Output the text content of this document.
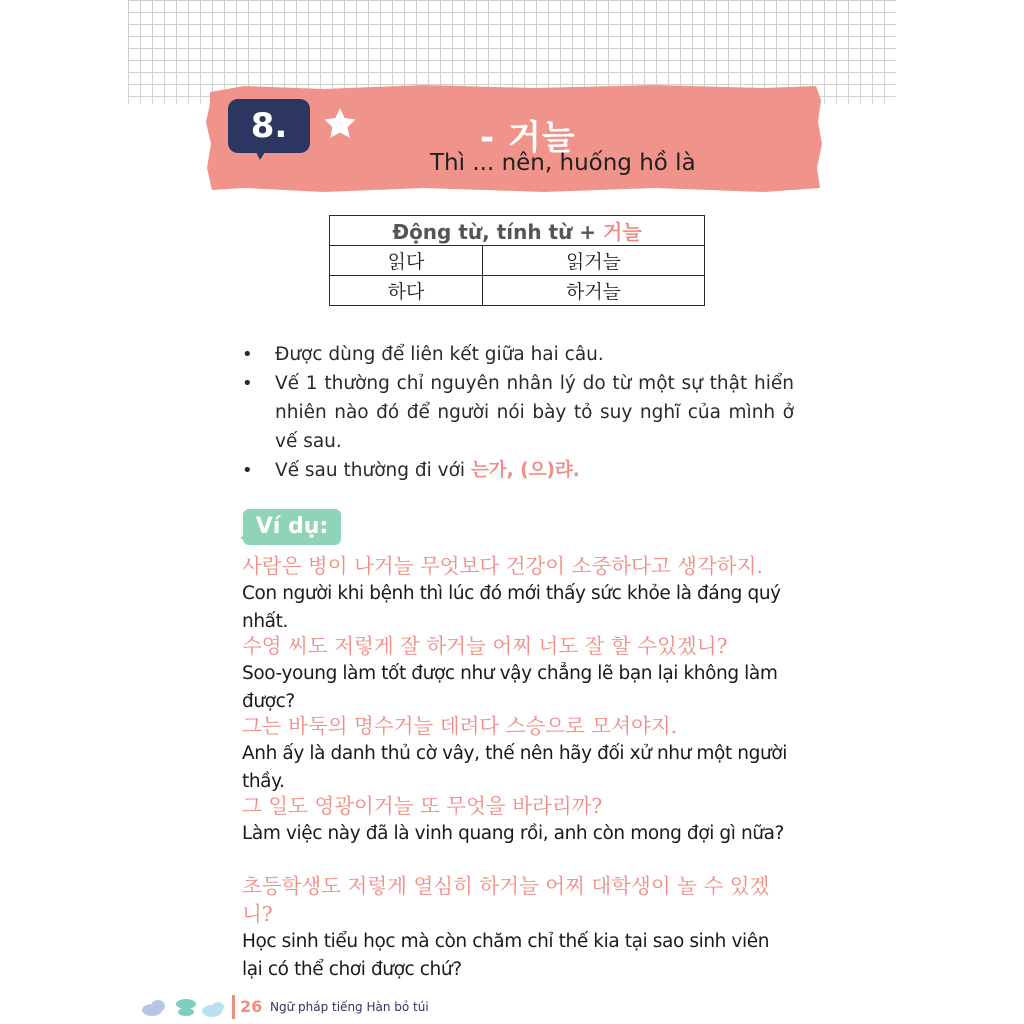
8.	- 거늘
Thì ... nên, huống hồ là
Động từ, tính từ + 거늘	
읽다	읽거늘
하다	하거늘
• Được dùng để liên kết giữa hai câu.
• Vế 1 thường chỉ nguyên nhân lý do từ một sự thật hiển nhiên nào đó để người nói bày tỏ suy nghĩ của mình ở vế sau.
• Vế sau thường đi với 는가, (으)랴.
Ví dụ:
사람은 병이 나거늘 무엇보다 건강이 소중하다고 생각하지.
Con người khi bệnh thì lúc đó mới thấy sức khỏe là đáng quý nhất.
수영 씨도 저렇게 잘 하거늘 어찌 너도 잘 할 수있겠니?
Soo-young làm tốt được như vậy chẳng lẽ bạn lại không làm được?
그는 바둑의 명수거늘 데려다 스승으로 모셔야지.
Anh ấy là danh thủ cờ vây, thế nên hãy đối xử như một người thầy.
그 일도 영광이거늘 또 무엇을 바라리까?
Làm việc này đã là vinh quang rồi, anh còn mong đợi gì nữa?
초등학생도 저렇게 열심히 하거늘 어찌 대학생이 놀 수 있겠니?
Học sinh tiểu học mà còn chăm chỉ thế kia tại sao sinh viên lại có thể chơi được chứ?
26 Ngữ pháp tiếng Hàn bỏ túi
